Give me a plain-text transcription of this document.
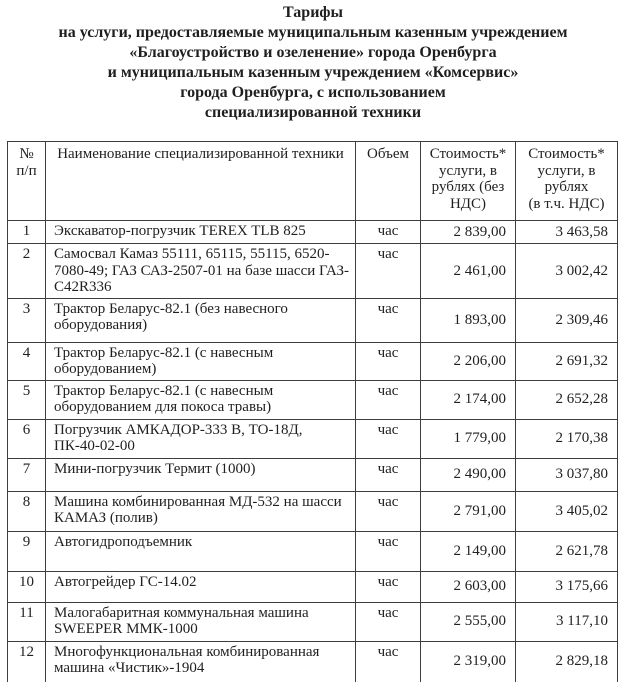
Тарифы
на услуги, предоставляемые муниципальным казенным учреждением
«Благоустройство и озеленение» города Оренбурга
и муниципальным казенным учреждением «Комсервис»
города Оренбурга, с использованием
специализированной техники
№ п/п	Наименование специализированной техники	Объем	Стоимость* услуги, в рублях (без НДС)	Стоимость* услуги, в рублях (в т.ч. НДС)
1	Экскаватор-погрузчик TEREX TLB 825	час	2 839,00	3 463,58
2	Самосвал Камаз 55111, 65115, 55115, 6520-7080-49; ГАЗ САЗ-2507-01 на базе шасси ГАЗ-С42R336	час	2 461,00	3 002,42
3	Трактор Беларус-82.1 (без навесного оборудования)	час	1 893,00	2 309,46
4	Трактор Беларус-82.1 (с навесным оборудованием)	час	2 206,00	2 691,32
5	Трактор Беларус-82.1 (с навесным оборудованием для покоса травы)	час	2 174,00	2 652,28
6	Погрузчик АМКАДОР-333 В, ТО-18Д, ПК-40-02-00	час	1 779,00	2 170,38
7	Мини-погрузчик Термит (1000)	час	2 490,00	3 037,80
8	Машина комбинированная МД-532 на шасси КАМАЗ (полив)	час	2 791,00	3 405,02
9	Автогидроподъемник	час	2 149,00	2 621,78
10	Автогрейдер ГС-14.02	час	2 603,00	3 175,66
11	Малогабаритная коммунальная машина SWEEPER ММК-1000	час	2 555,00	3 117,10
12	Многофункциональная комбинированная машина «Чистик»-1904	час	2 319,00	2 829,18
